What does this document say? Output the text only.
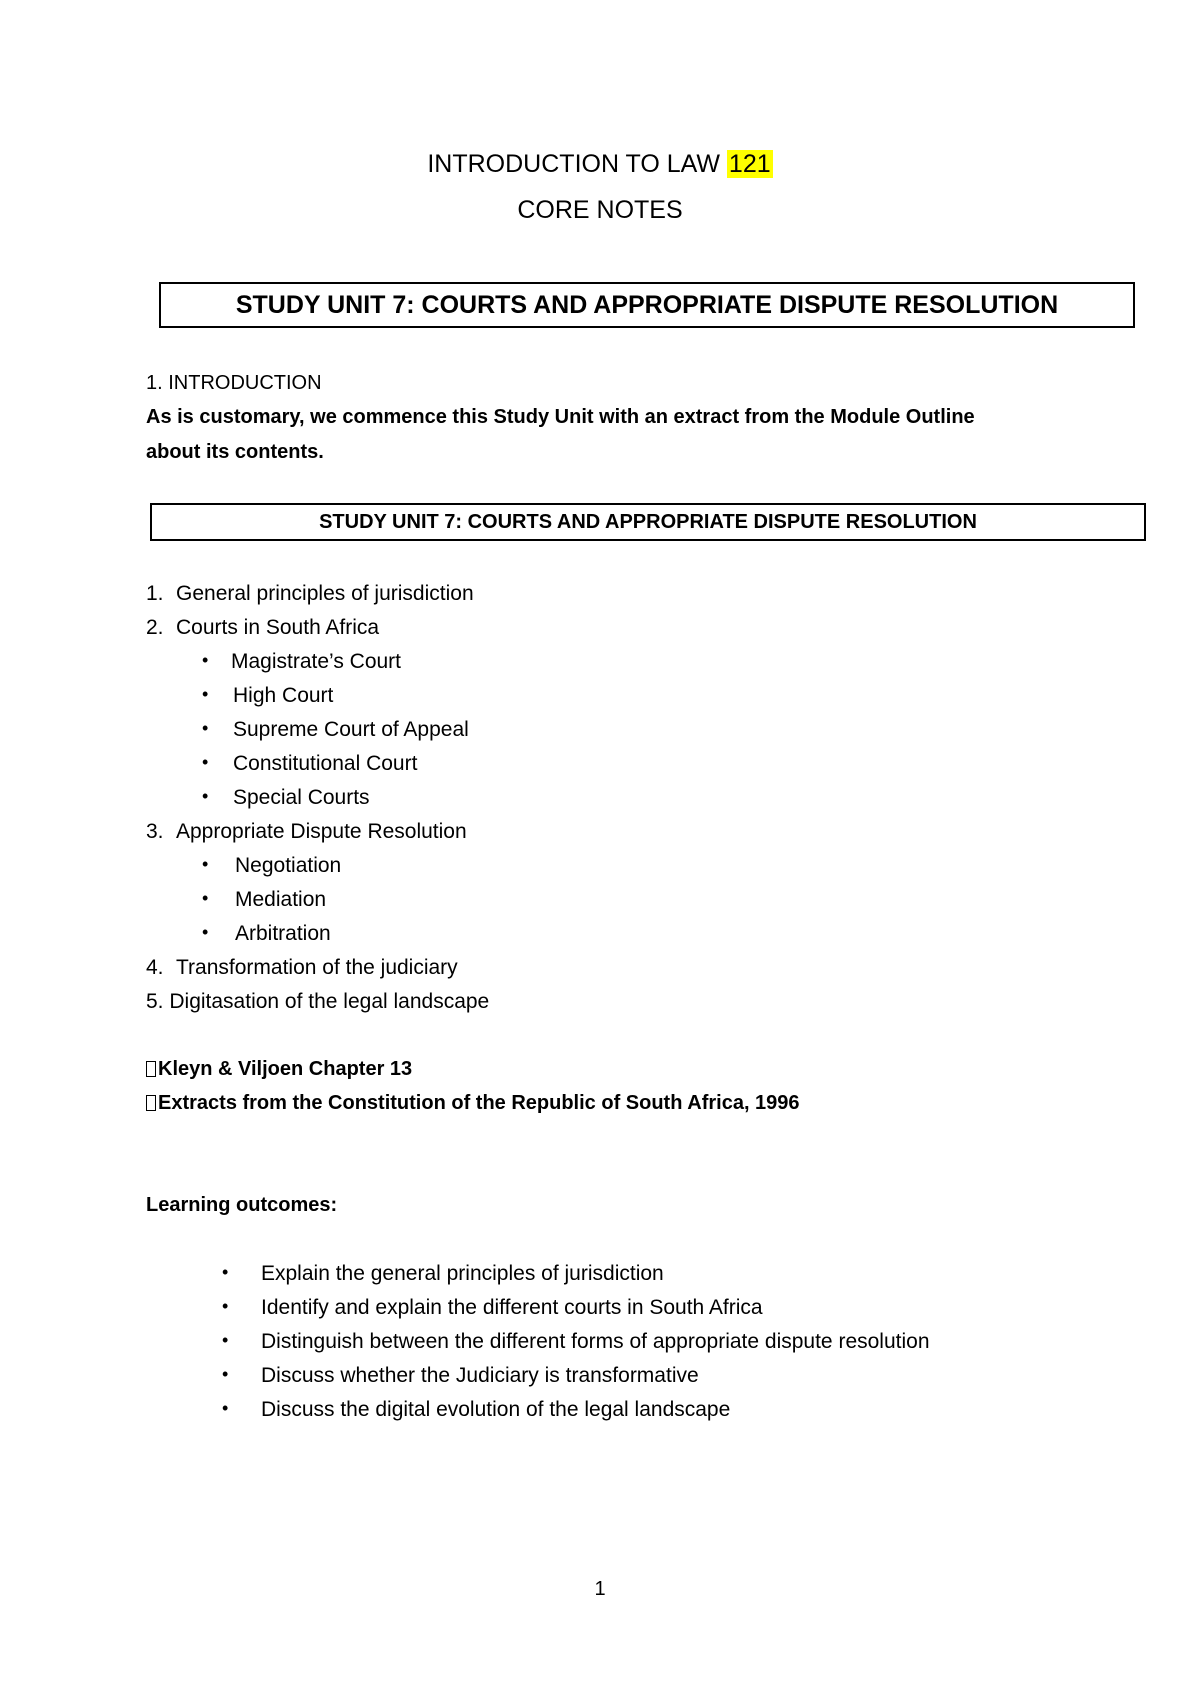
INTRODUCTION TO LAW 121
CORE NOTES
STUDY UNIT 7: COURTS AND APPROPRIATE DISPUTE RESOLUTION
1. INTRODUCTION
As is customary, we commence this Study Unit with an extract from the Module Outline
about its contents.
STUDY UNIT 7: COURTS AND APPROPRIATE DISPUTE RESOLUTION
1. General principles of jurisdiction
2. Courts in South Africa
• Magistrate’s Court
• High Court
• Supreme Court of Appeal
• Constitutional Court
• Special Courts
3. Appropriate Dispute Resolution
• Negotiation
• Mediation
• Arbitration
4. Transformation of the judiciary
5. Digitasation of the legal landscape
Kleyn & Viljoen Chapter 13
Extracts from the Constitution of the Republic of South Africa, 1996
Learning outcomes:
• Explain the general principles of jurisdiction
• Identify and explain the different courts in South Africa
• Distinguish between the different forms of appropriate dispute resolution
• Discuss whether the Judiciary is transformative
• Discuss the digital evolution of the legal landscape
1
